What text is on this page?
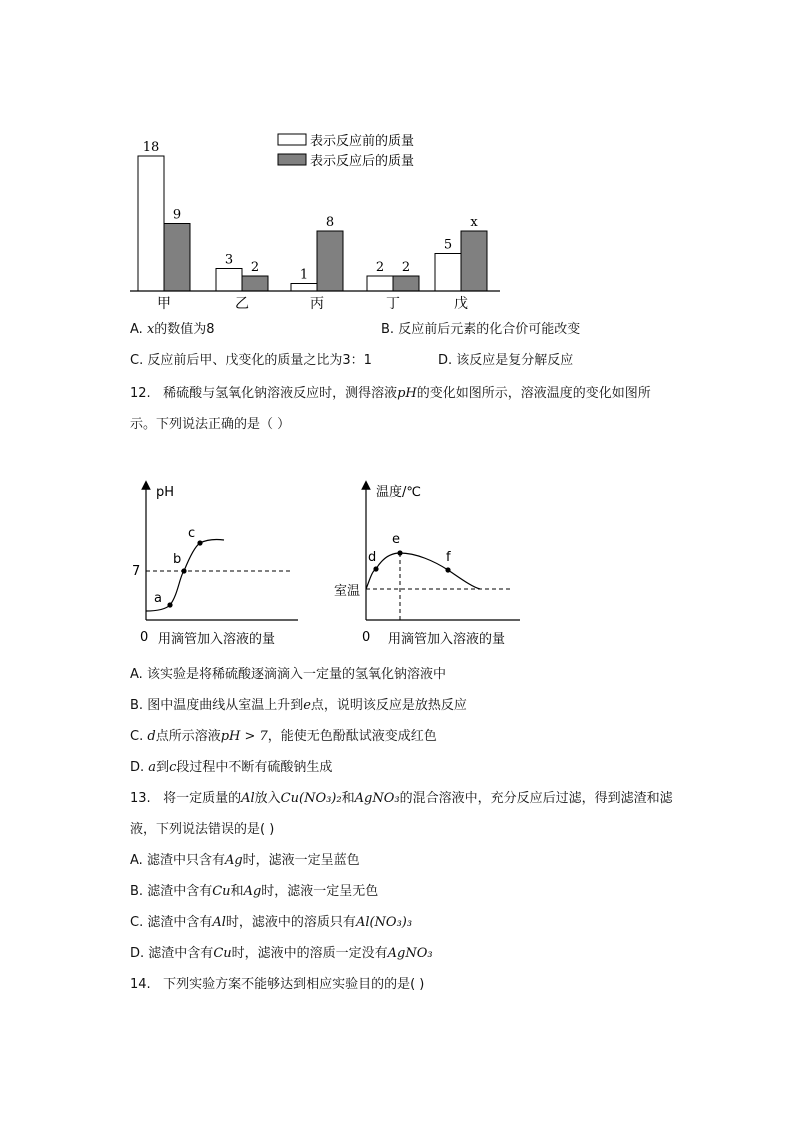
18
9
甲
3 2
乙
1
8
丙
2 2
丁
5
x
戊
表示反应前的质量
表示反应后的质量
A. x的数值为8	B. 反应前后元素的化合价可能改变
C. 反应前后甲、戊变化的质量之比为3：1	D. 该反应是复分解反应
12. 稀硫酸与氢氧化钠溶液反应时，测得溶液pH的变化如图所示，溶液温度的变化如图所
示。下列说法正确的是（ ）
pH
0 用滴管加入溶液的量
7
a
b
c
温度/℃
0 用滴管加入溶液的量
室温
d
e
f
A. 该实验是将稀硫酸逐滴滴入一定量的氢氧化钠溶液中
B. 图中温度曲线从室温上升到e点，说明该反应是放热反应
C. d点所示溶液pH > 7，能使无色酚酞试液变成红色
D. a到c段过程中不断有硫酸钠生成
13. 将一定质量的Al放入Cu(NO₃)₂和AgNO₃的混合溶液中，充分反应后过滤，得到滤渣和滤
液，下列说法错误的是( )
A. 滤渣中只含有Ag时，滤液一定呈蓝色
B. 滤渣中含有Cu和Ag时，滤液一定呈无色
C. 滤渣中含有Al时，滤液中的溶质只有Al(NO₃)₃
D. 滤渣中含有Cu时，滤液中的溶质一定没有AgNO₃
14. 下列实验方案不能够达到相应实验目的的是( )
